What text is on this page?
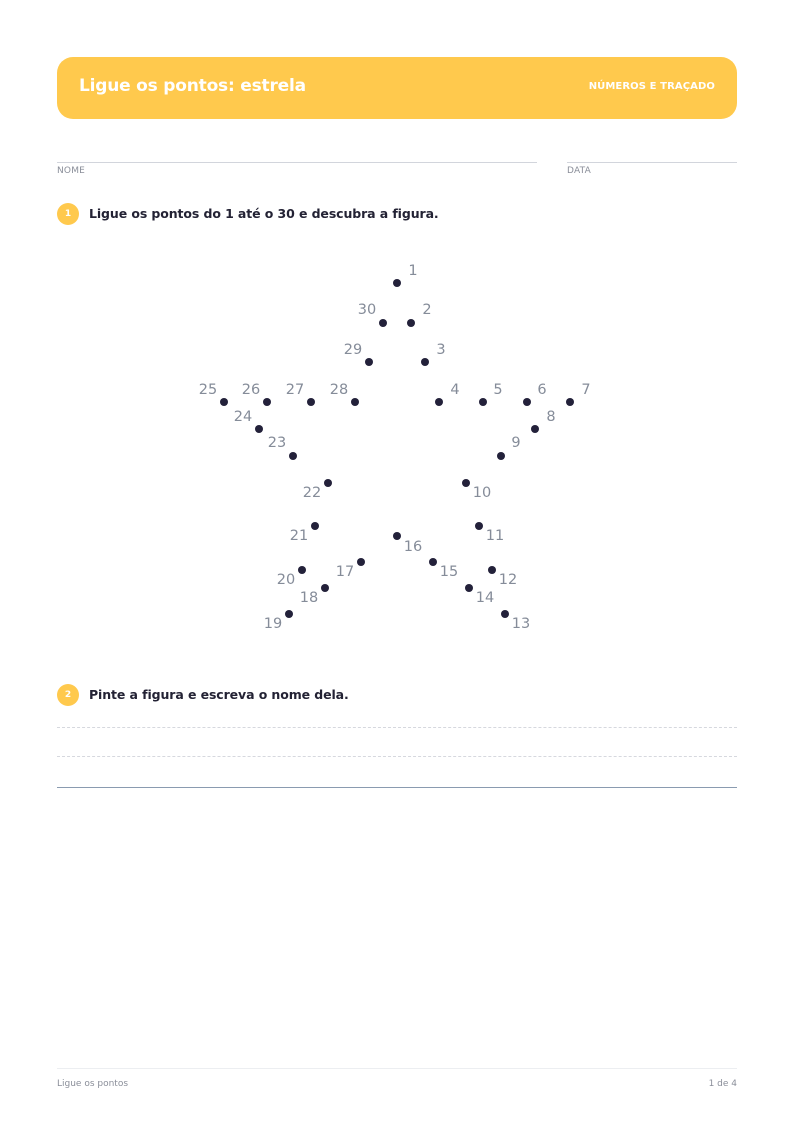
Ligue os pontos: estrela	NÚMEROS E TRAÇADO
NOME	DATA
1	Ligue os pontos do 1 até o 30 e descubra a figura.
1
2
3
4 5 6 7
8
9
10
11
12
13
14
15
16
17
18
19
20
21
22
23
24
25 26 27 28
29
30
2	Pinte a figura e escreva o nome dela.
Ligue os pontos	1 de 4
